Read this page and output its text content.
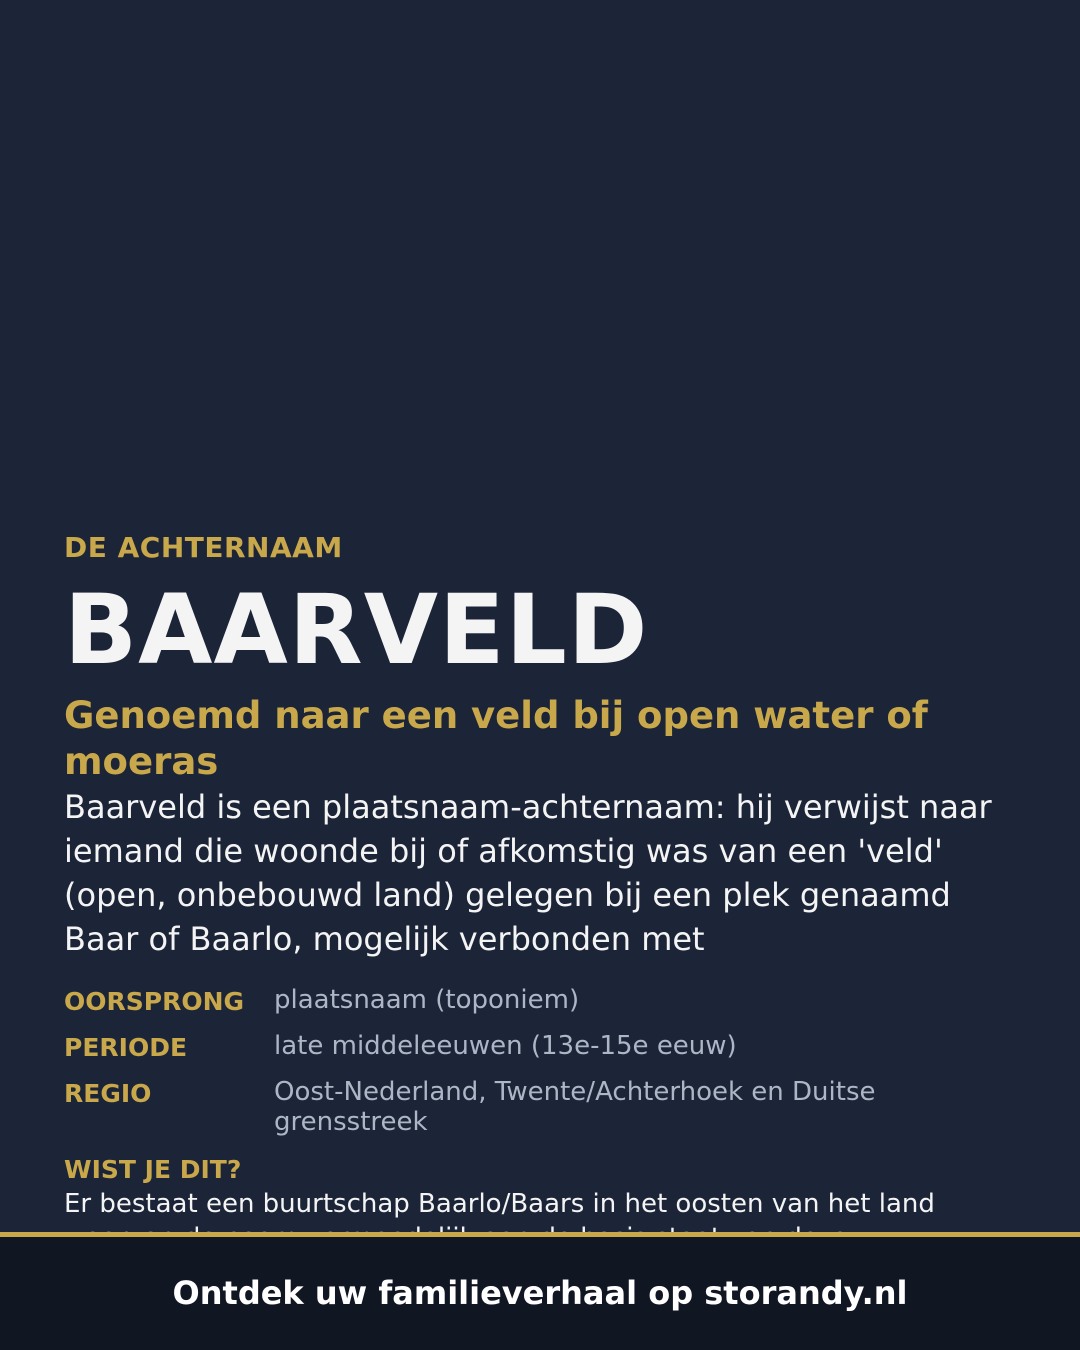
DE ACHTERNAAM
BAARVELD
Genoemd naar een veld bij open water of moeras

Baarveld is een plaatsnaam-achternaam: hij verwijst naar iemand die woonde bij of afkomstig was van een 'veld' (open, onbebouwd land) gelegen bij een plek genaamd Baar of Baarlo, mogelijk verbonden met

OORSPRONG	plaatsnaam (toponiem)
PERIODE	late middeleeuwen (13e-15e eeuw)
REGIO	Oost-Nederland, Twente/Achterhoek en Duitse grensstreek
WIST JE DIT?
Er bestaat een buurtschap Baarlo/Baars in het oosten van het land
Ontdek uw familieverhaal op storandy.nl
